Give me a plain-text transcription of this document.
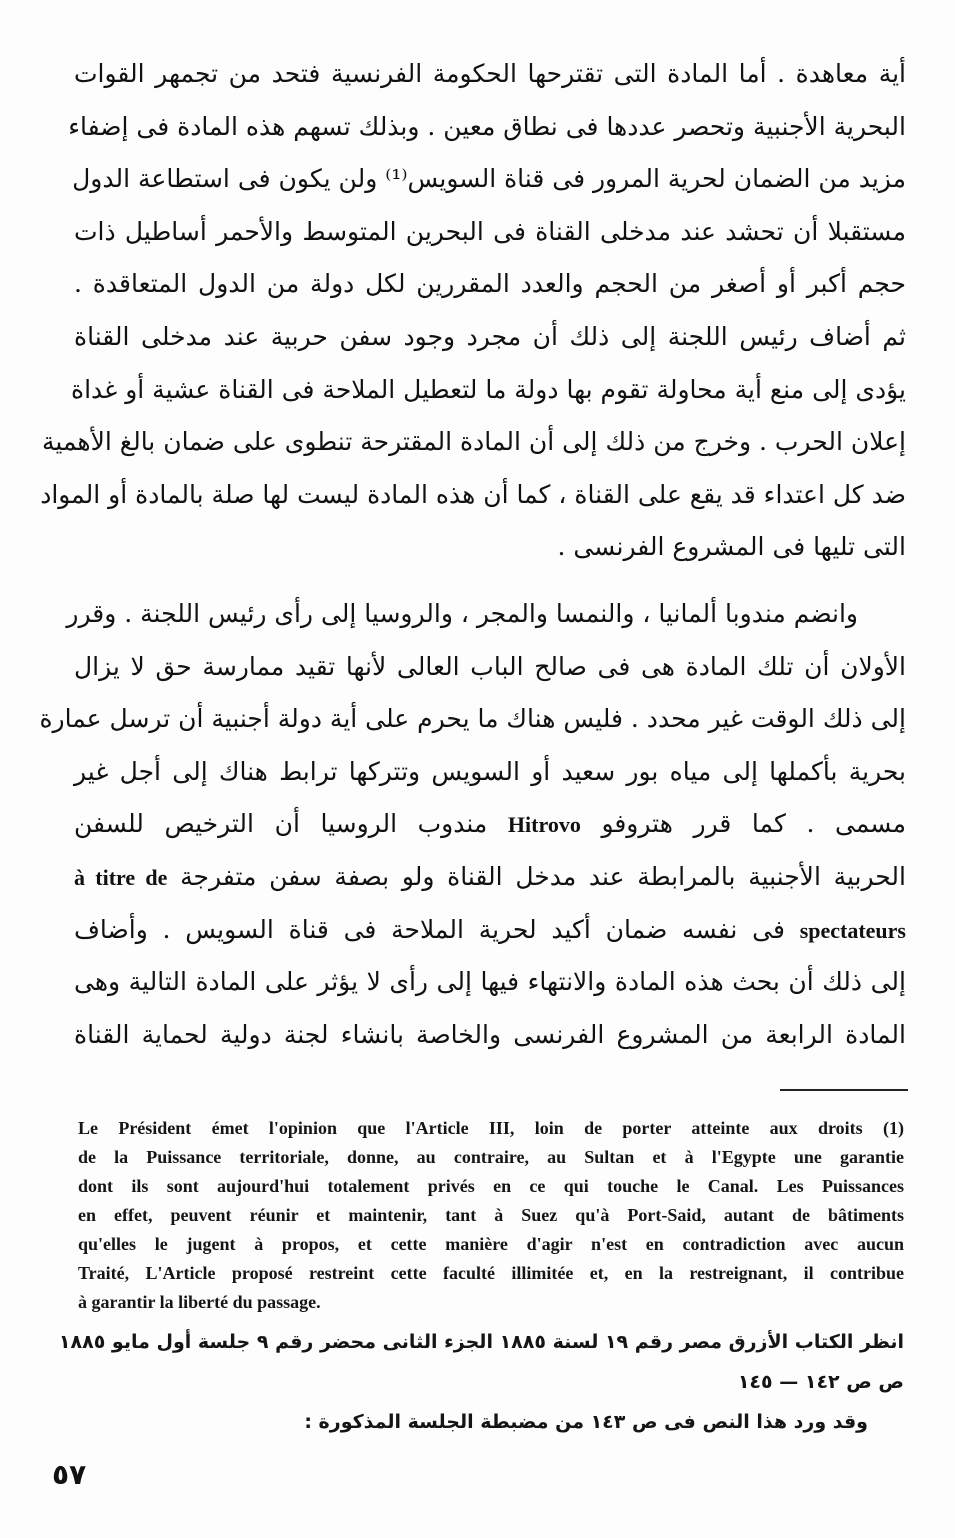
أية معاهدة . أما المادة التى تقترحها الحكومة الفرنسية فتحد من تجمهر القوات
البحرية الأجنبية وتحصر عددها فى نطاق معين . وبذلك تسهم هذه المادة فى إضفاء
مزيد من الضمان لحرية المرور فى قناة السويس⁽¹⁾ ولن يكون فى استطاعة الدول
مستقبلا أن تحشد عند مدخلى القناة فى البحرين المتوسط والأحمر أساطيل ذات
حجم أكبر أو أصغر من الحجم والعدد المقررين لكل دولة من الدول المتعاقدة .
ثم أضاف رئيس اللجنة إلى ذلك أن مجرد وجود سفن حربية عند مدخلى القناة
يؤدى إلى منع أية محاولة تقوم بها دولة ما لتعطيل الملاحة فى القناة عشية أو غداة
إعلان الحرب . وخرج من ذلك إلى أن المادة المقترحة تنطوى على ضمان بالغ الأهمية
ضد كل اعتداء قد يقع على القناة ، كما أن هذه المادة ليست لها صلة بالمادة أو المواد
التى تليها فى المشروع الفرنسى .
وانضم مندوبا ألمانيا ، والنمسا والمجر ، والروسيا إلى رأى رئيس اللجنة . وقرر
الأولان أن تلك المادة هى فى صالح الباب العالى لأنها تقيد ممارسة حق لا يزال
إلى ذلك الوقت غير محدد . فليس هناك ما يحرم على أية دولة أجنبية أن ترسل عمارة
بحرية بأكملها إلى مياه بور سعيد أو السويس وتتركها ترابط هناك إلى أجل غير
مسمى . كما قرر هتروفو Hitrovo مندوب الروسيا أن الترخيص للسفن
الحربية الأجنبية بالمرابطة عند مدخل القناة ولو بصفة سفن متفرجة à titre de
spectateurs فى نفسه ضمان أكيد لحرية الملاحة فى قناة السويس . وأضاف
إلى ذلك أن بحث هذه المادة والانتهاء فيها إلى رأى لا يؤثر على المادة التالية وهى
المادة الرابعة من المشروع الفرنسى والخاصة بانشاء لجنة دولية لحماية القناة
Le Président émet l'opinion que l'Article III, loin de porter atteinte aux droits (1)
de la Puissance territoriale, donne, au contraire, au Sultan et à l'Egypte une garantie
dont ils sont aujourd'hui totalement privés en ce qui touche le Canal. Les Puissances
en effet, peuvent réunir et maintenir, tant à Suez qu'à Port-Said, autant de bâtiments
qu'elles le jugent à propos, et cette manière d'agir n'est en contradiction avec aucun
Traité, L'Article proposé restreint cette faculté illimitée et, en la restreignant, il contribue
à garantir la liberté du passage.
انظر الكتاب الأزرق مصر رقم ١٩ لسنة ١٨٨٥ الجزء الثانى محضر رقم ٩ جلسة أول مايو ١٨٨٥
ص ص ١٤٢ — ١٤٥
وقد ورد هذا النص فى ص ١٤٣ من مضبطة الجلسة المذكورة :
٥٧
